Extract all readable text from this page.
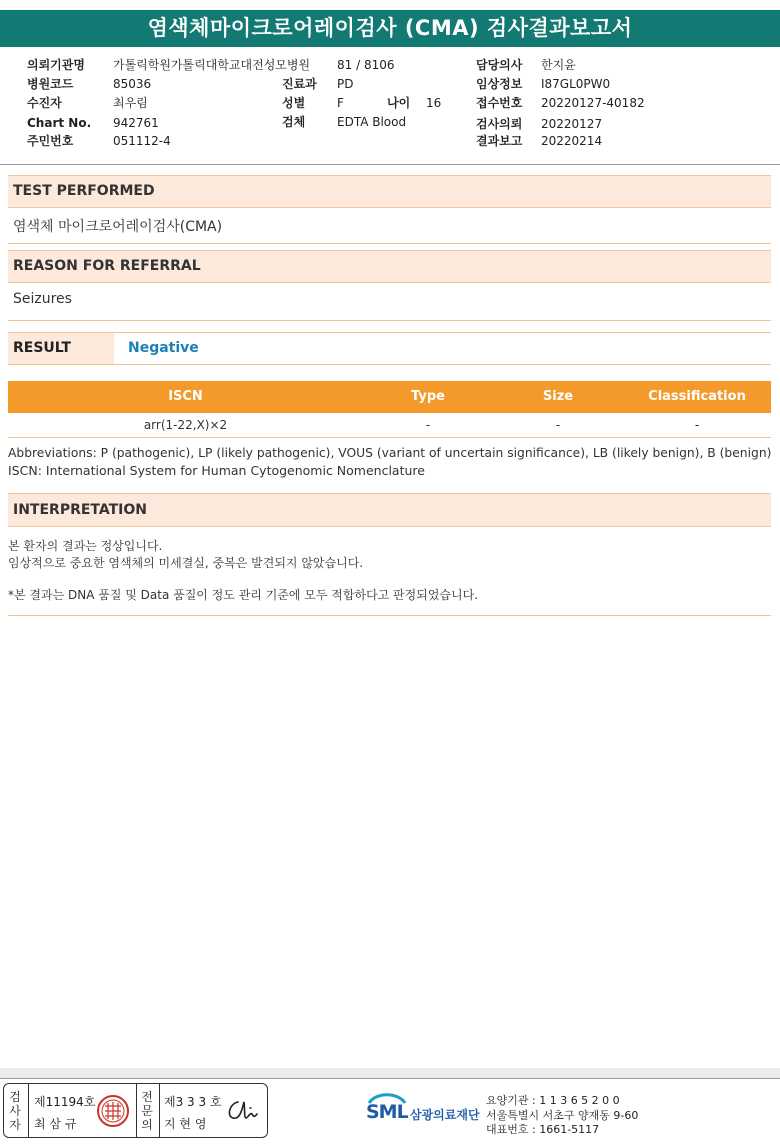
염색체마이크로어레이검사 (CMA) 검사결과보고서
의뢰기관명 가톨릭학원가톨릭대학교대전성모병원
병원코드	85036
수진자	최우림
Chart No. 942761
주민번호	051112-4
81 / 8106
진료과 PD
성별	F	나이 16
검체	EDTA Blood
담당의사 한지윤
임상정보 I87GL0PW0
접수번호 20220127-40182
검사의뢰 20220127
결과보고 20220214
TEST PERFORMED
염색체 마이크로어레이검사(CMA)
REASON FOR REFERRAL
Seizures
RESULT	Negative
ISCN	Type	Size	Classification
arr(1-22,X)×2	-	-	-
Abbreviations: P (pathogenic), LP (likely pathogenic), VOUS (variant of uncertain significance), LB (likely benign), B (benign)
ISCN: International System for Human Cytogenomic Nomenclature
INTERPRETATION
본 환자의 결과는 정상입니다.
임상적으로 중요한 염색체의 미세결실, 중복은 발견되지 않았습니다.
*본 결과는 DNA 품질 및 Data 품질이 정도 관리 기준에 모두 적합하다고 판정되었습니다.
검
사
자
제11194호
최 삼 규
전
문
의
제3 3 3 호
지 현 영
SML 삼광의료재단
요양기관 : 1 1 3 6 5 2 0 0
서울특별시 서초구 양재동 9-60
대표번호 : 1661-5117
